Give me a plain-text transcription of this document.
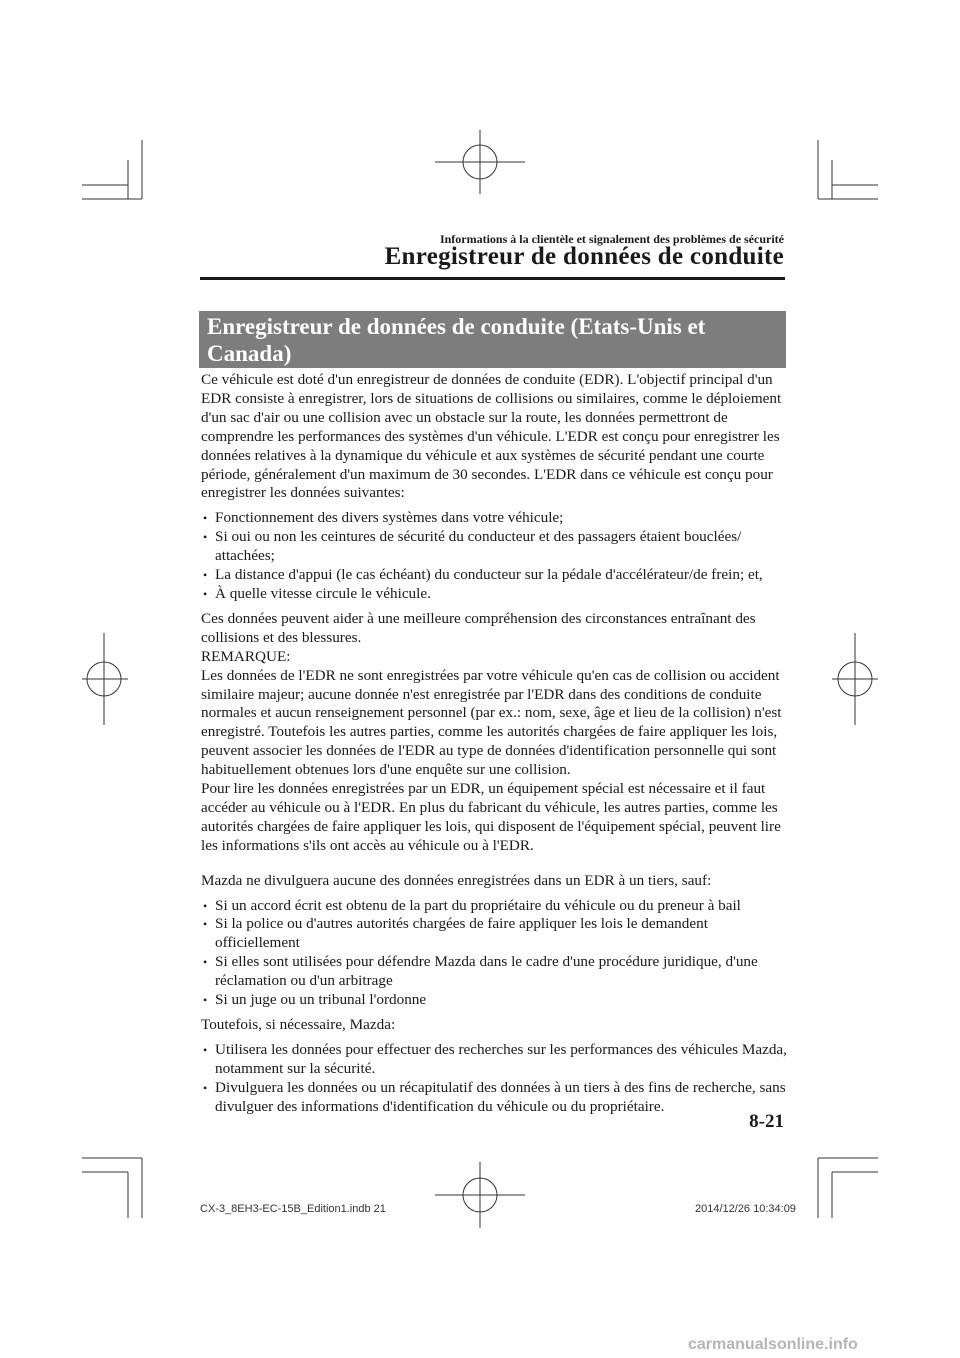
Informations à la clientèle et signalement des problèmes de sécurité
Enregistreur de données de conduite
Enregistreur de données de conduite (Etats-Unis et Canada)

Ce véhicule est doté d'un enregistreur de données de conduite (EDR). L'objectif principal d'un EDR consiste à enregistrer, lors de situations de collisions ou similaires, comme le déploiement d'un sac d'air ou une collision avec un obstacle sur la route, les données permettront de comprendre les performances des systèmes d'un véhicule. L'EDR est conçu pour enregistrer les données relatives à la dynamique du véhicule et aux systèmes de sécurité pendant une courte période, généralement d'un maximum de 30 secondes. L'EDR dans ce véhicule est conçu pour enregistrer les données suivantes:

• Fonctionnement des divers systèmes dans votre véhicule;
• Si oui ou non les ceintures de sécurité du conducteur et des passagers étaient bouclées/ attachées;
• La distance d'appui (le cas échéant) du conducteur sur la pédale d'accélérateur/de frein; et,
• À quelle vitesse circule le véhicule.

Ces données peuvent aider à une meilleure compréhension des circonstances entraînant des collisions et des blessures.

REMARQUE:

Les données de l'EDR ne sont enregistrées par votre véhicule qu'en cas de collision ou accident similaire majeur; aucune donnée n'est enregistrée par l'EDR dans des conditions de conduite normales et aucun renseignement personnel (par ex.: nom, sexe, âge et lieu de la collision) n'est enregistré. Toutefois les autres parties, comme les autorités chargées de faire appliquer les lois, peuvent associer les données de l'EDR au type de données d'identification personnelle qui sont habituellement obtenues lors d'une enquête sur une collision.

Pour lire les données enregistrées par un EDR, un équipement spécial est nécessaire et il faut accéder au véhicule ou à l'EDR. En plus du fabricant du véhicule, les autres parties, comme les autorités chargées de faire appliquer les lois, qui disposent de l'équipement spécial, peuvent lire les informations s'ils ont accès au véhicule ou à l'EDR.

Mazda ne divulguera aucune des données enregistrées dans un EDR à un tiers, sauf:

• Si un accord écrit est obtenu de la part du propriétaire du véhicule ou du preneur à bail
• Si la police ou d'autres autorités chargées de faire appliquer les lois le demandent officiellement
• Si elles sont utilisées pour défendre Mazda dans le cadre d'une procédure juridique, d'une réclamation ou d'un arbitrage
• Si un juge ou un tribunal l'ordonne

Toutefois, si nécessaire, Mazda:

• Utilisera les données pour effectuer des recherches sur les performances des véhicules Mazda, notamment sur la sécurité.
• Divulguera les données ou un récapitulatif des données à un tiers à des fins de recherche, sans divulguer des informations d'identification du véhicule ou du propriétaire.
8-21
CX-3_8EH3-EC-15B_Edition1.indb 21	2014/12/26 10:34:09
carmanualsonline.info
